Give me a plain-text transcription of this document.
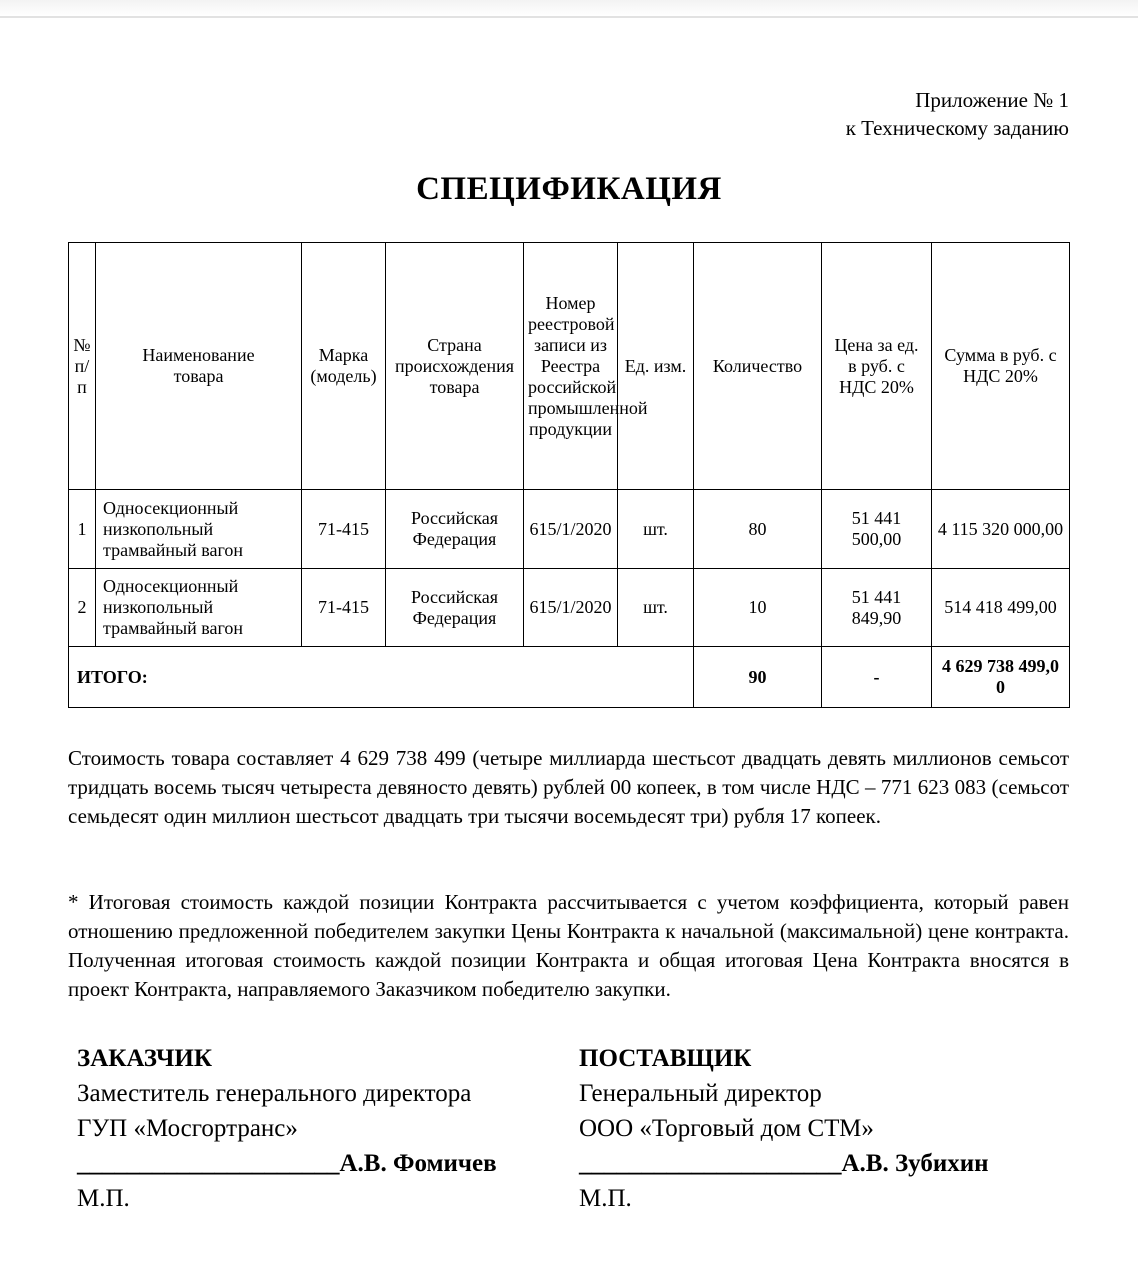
Приложение № 1
к Техническому заданию
СПЕЦИФИКАЦИЯ
№ п/п	Наименование товара	Марка (модель)	Страна происхождения товара	Номер реестровой записи из Реестра российской промышленной продукции	Ед. изм.	Количество	Цена за ед. в руб. с НДС 20%	Сумма в руб. с НДС 20%
1	Односекционный низкопольный трамвайный вагон	71-415	Российская Федерация	615/1/2020	шт.	80	51 441 500,00	4 115 320 000,00
2	Односекционный низкопольный трамвайный вагон	71-415	Российская Федерация	615/1/2020	шт.	10	51 441 849,90	514 418 499,00
ИТОГО:						90	-	4 629 738 499,00
Стоимость товара составляет 4 629 738 499 (четыре миллиарда шестьсот двадцать девять миллионов семьсот тридцать восемь тысяч четыреста девяносто девять) рублей 00 копеек, в том числе НДС – 771 623 083 (семьсот семьдесят один миллион шестьсот двадцать три тысячи восемьдесят три) рубля 17 копеек.
* Итоговая стоимость каждой позиции Контракта рассчитывается с учетом коэффициента, который равен отношению предложенной победителем закупки Цены Контракта к начальной (максимальной) цене контракта. Полученная итоговая стоимость каждой позиции Контракта и общая итоговая Цена Контракта вносятся в проект Контракта, направляемого Заказчиком победителю закупки.
ЗАКАЗЧИК
Заместитель генерального директора
ГУП «Мосгортранс»
_____________________А.В. Фомичев
М.П.
ПОСТАВЩИК
Генеральный директор
ООО «Торговый дом СТМ»
_____________________А.В. Зубихин
М.П.
